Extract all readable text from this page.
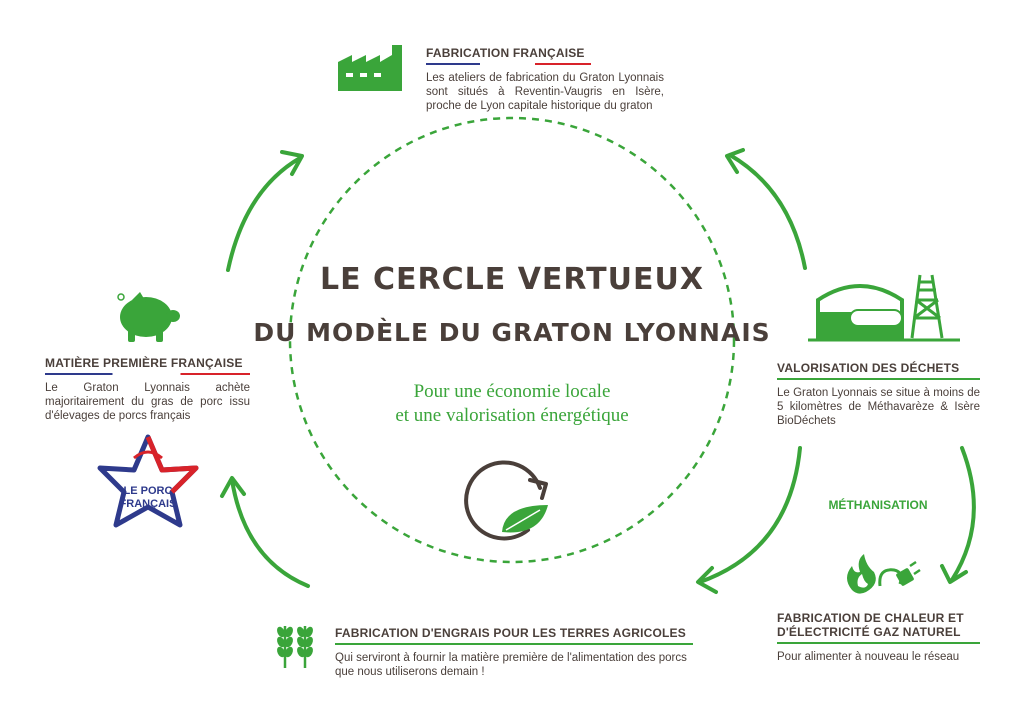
LE PORC
FRANÇAIS
LE CERCLE VERTUEUX
DU MODÈLE DU GRATON LYONNAIS
Pour une économie locale
et une valorisation énergétique
FABRICATION FRANÇAISE
Les ateliers de fabrication du Graton Lyonnais sont situés à Reventin-Vaugris en Isère, proche de Lyon capitale historique du graton
MATIÈRE PREMIÈRE FRANÇAISE
Le Graton Lyonnais achète majoritairement du gras de porc issu d'élevages de porcs français
VALORISATION DES DÉCHETS
Le Graton Lyonnais se situe à moins de 5 kilomètres de Méthavarèze & Isère BioDéchets
MÉTHANISATION
FABRICATION D'ENGRAIS POUR LES TERRES AGRICOLES
Qui serviront à fournir la matière première de l'alimentation des porcs que nous utiliserons demain !
FABRICATION DE CHALEUR ET
D'ÉLECTRICITÉ GAZ NATUREL
Pour alimenter à nouveau le réseau
